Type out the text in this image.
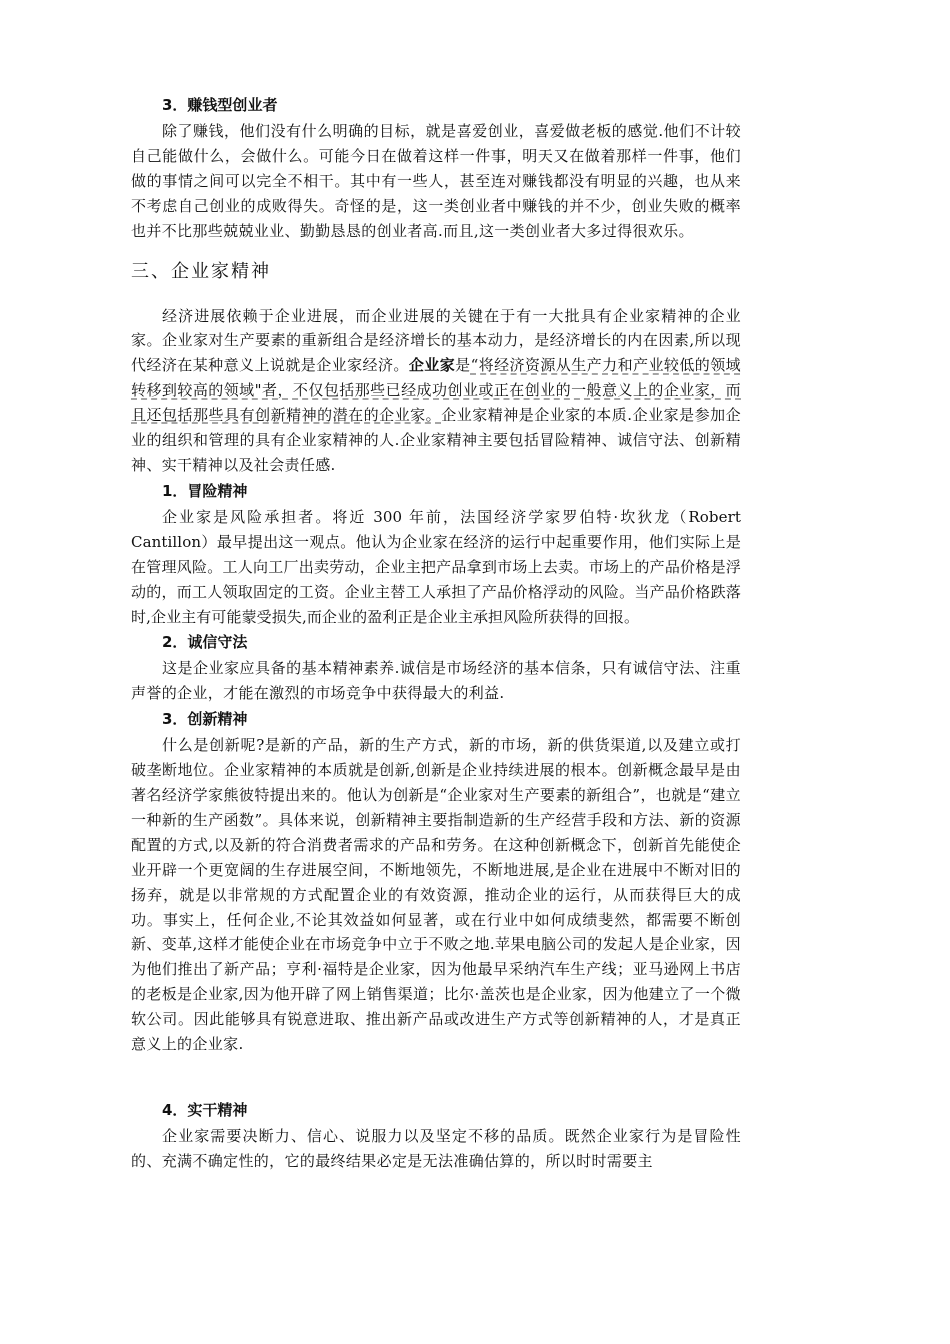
3．赚钱型创业者

除了赚钱，他们没有什么明确的目标，就是喜爱创业，喜爱做老板的感觉.他们不计较自己能做什么，会做什么。可能今日在做着这样一件事，明天又在做着那样一件事，他们做的事情之间可以完全不相干。其中有一些人，甚至连对赚钱都没有明显的兴趣，也从来不考虑自己创业的成败得失。奇怪的是，这一类创业者中赚钱的并不少，创业失败的概率也并不比那些兢兢业业、勤勤恳恳的创业者高.而且,这一类创业者大多过得很欢乐。

三、企业家精神

经济进展依赖于企业进展，而企业进展的关键在于有一大批具有企业家精神的企业家。企业家对生产要素的重新组合是经济增长的基本动力，是经济增长的内在因素,所以现代经济在某种意义上说就是企业家经济。企业家是“将经济资源从生产力和产业较低的领域转移到较高的领域"者，不仅包括那些已经成功创业或正在创业的一般意义上的企业家，而且还包括那些具有创新精神的潜在的企业家。企业家精神是企业家的本质.企业家是参加企业的组织和管理的具有企业家精神的人.企业家精神主要包括冒险精神、诚信守法、创新精神、实干精神以及社会责任感.

1．冒险精神

企业家是风险承担者。将近 300 年前，法国经济学家罗伯特·坎狄龙（Robert Cantillon）最早提出这一观点。他认为企业家在经济的运行中起重要作用，他们实际上是在管理风险。工人向工厂出卖劳动，企业主把产品拿到市场上去卖。市场上的产品价格是浮动的，而工人领取固定的工资。企业主替工人承担了产品价格浮动的风险。当产品价格跌落时,企业主有可能蒙受损失,而企业的盈利正是企业主承担风险所获得的回报。

2．诚信守法

这是企业家应具备的基本精神素养.诚信是市场经济的基本信条，只有诚信守法、注重声誉的企业，才能在激烈的市场竞争中获得最大的利益.

3．创新精神

什么是创新呢?是新的产品，新的生产方式，新的市场，新的供货渠道,以及建立或打破垄断地位。企业家精神的本质就是创新,创新是企业持续进展的根本。创新概念最早是由著名经济学家熊彼特提出来的。他认为创新是“企业家对生产要素的新组合”，也就是“建立一种新的生产函数”。具体来说，创新精神主要指制造新的生产经营手段和方法、新的资源配置的方式,以及新的符合消费者需求的产品和劳务。在这种创新概念下，创新首先能使企业开辟一个更宽阔的生存进展空间，不断地领先，不断地进展,是企业在进展中不断对旧的扬弃，就是以非常规的方式配置企业的有效资源，推动企业的运行，从而获得巨大的成功。事实上，任何企业,不论其效益如何显著，或在行业中如何成绩斐然，都需要不断创新、变革,这样才能使企业在市场竞争中立于不败之地.苹果电脑公司的发起人是企业家，因为他们推出了新产品；亨利·福特是企业家，因为他最早采纳汽车生产线；亚马逊网上书店的老板是企业家,因为他开辟了网上销售渠道；比尔·盖茨也是企业家，因为他建立了一个微软公司。因此能够具有锐意进取、推出新产品或改进生产方式等创新精神的人，才是真正意义上的企业家.

4．实干精神

企业家需要决断力、信心、说服力以及坚定不移的品质。既然企业家行为是冒险性的、充满不确定性的，它的最终结果必定是无法准确估算的，所以时时需要主
